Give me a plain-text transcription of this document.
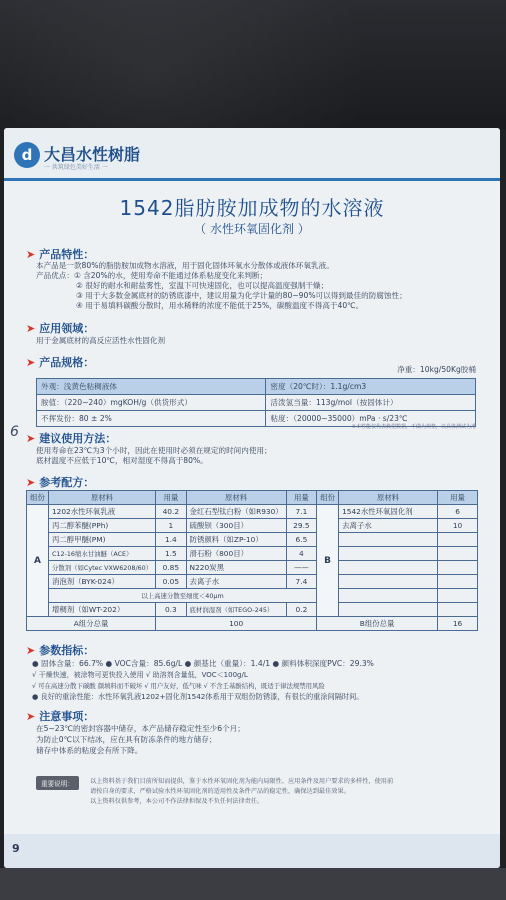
d 大昌水性树脂
一 共筑绿色美好生活 一
1542脂肪胺加成物的水溶液
（ 水性环氧固化剂 ）
➤ 产品特性：
本产品是一款80%的脂肪胺加成物水溶液，用于固化固体环氧水分散体或液体环氧乳液。
产品优点：① 含20%的水，使用寿命不能通过体系粘度变化来判断；
② 很好的耐水和耐盐雾性，室温下可快速固化，也可以提高温度强制干燥；
③ 用于大多数金属底材的防锈底漆中，建议用量为化学计量的80~90%可以得到最佳的防腐蚀性；
④ 用于易填料碳酸分散时，用水稀释的浓度不能低于25%，碳酸温度不得高于40℃。
➤ 应用领域：
用于金属底材的高反应活性水性固化剂
➤ 产品规格：
净重：10kg/50Kg胶桶
外观：浅黄色粘稠液体	密度（20℃时）：1.1g/cm3
胺值：（220~240）mgKOH/g（供货形式）	活泼氢当量：113g/mol（按固体计）
不挥发份：80 ± 2%	粘度：（20000~35000）mPa · s/23℃
※本性能仅代表典型数据，不做为规格，以具体测试为准
6 ➤ 建议使用方法：
使用寿命在23℃为3个小时，因此在使用时必须在规定的时间内使用；
底材温度不应低于10℃，相对湿度不得高于80%。
➤ 参考配方：
组份	原材料	用量	原材料	用量	组份	原材料	用量
A	1202水性环氧乳液	40.2	金红石型钛白粉（如R930）	7.1	B	1542水性环氧固化剂	6
	丙二醇苯醚(PPh)	1	硫酸钡（300目）	29.5		去离子水	10
	丙二醇甲醚(PM)	1.4	防锈颜料（如ZP-10）	6.5			
	C12-16缩水甘油醚（ACE）	1.5	滑石粉（800目）	4			
	分散剂（如Cytec VXW6208/60）	0.85	N220炭黑	——			
	消泡剂（BYK-024）	0.05	去离子水	7.4			
	以上高速分散至细度＜40μm						
	增稠剂（如WT-202）	0.3	底材润湿剂（如TEGO-245）	0.2			
A组分总量		100			B组份总量		16
➤ 参数指标：
● 固体含量：66.7% ● VOC含量：85.6g/L ● 颜基比（重量）：1.4/1 ● 颜料体积深度PVC：29.3%
√ 干燥快速，被涂物可更快投入使用 √ 助溶剂含量低，VOC＜100g/L
√ 可在高速分散下碳酸 颜填料而不破坏 √ 用户友好，低气味 √ 不含壬基酚结构，既适于律法规禁用风险
● 良好的重涂性能：水性环氧乳液1202+固化剂1542体系用于双组份防锈漆，有很长的重涂间隔时间。
➤ 注意事项：
在5~23℃的密封容器中储存，本产品储存稳定性至少6个月；
为防止0℃以下结冰，应在具有防冻条件的地方储存；
储存中体系的粘度会有所下降。
重要说明：	以上资料基于我们目前所知而提供，鉴于水性环氧固化剂为能内局限性、应用条件及用户要求的多样性，使用前
请按自身的要求，严格试验水性环氧固化剂的适用性及条件产品的稳定性，确保达到最佳效果。
以上资料仅供参考，本公司不作法律担保及不负任何法律责任。
9
